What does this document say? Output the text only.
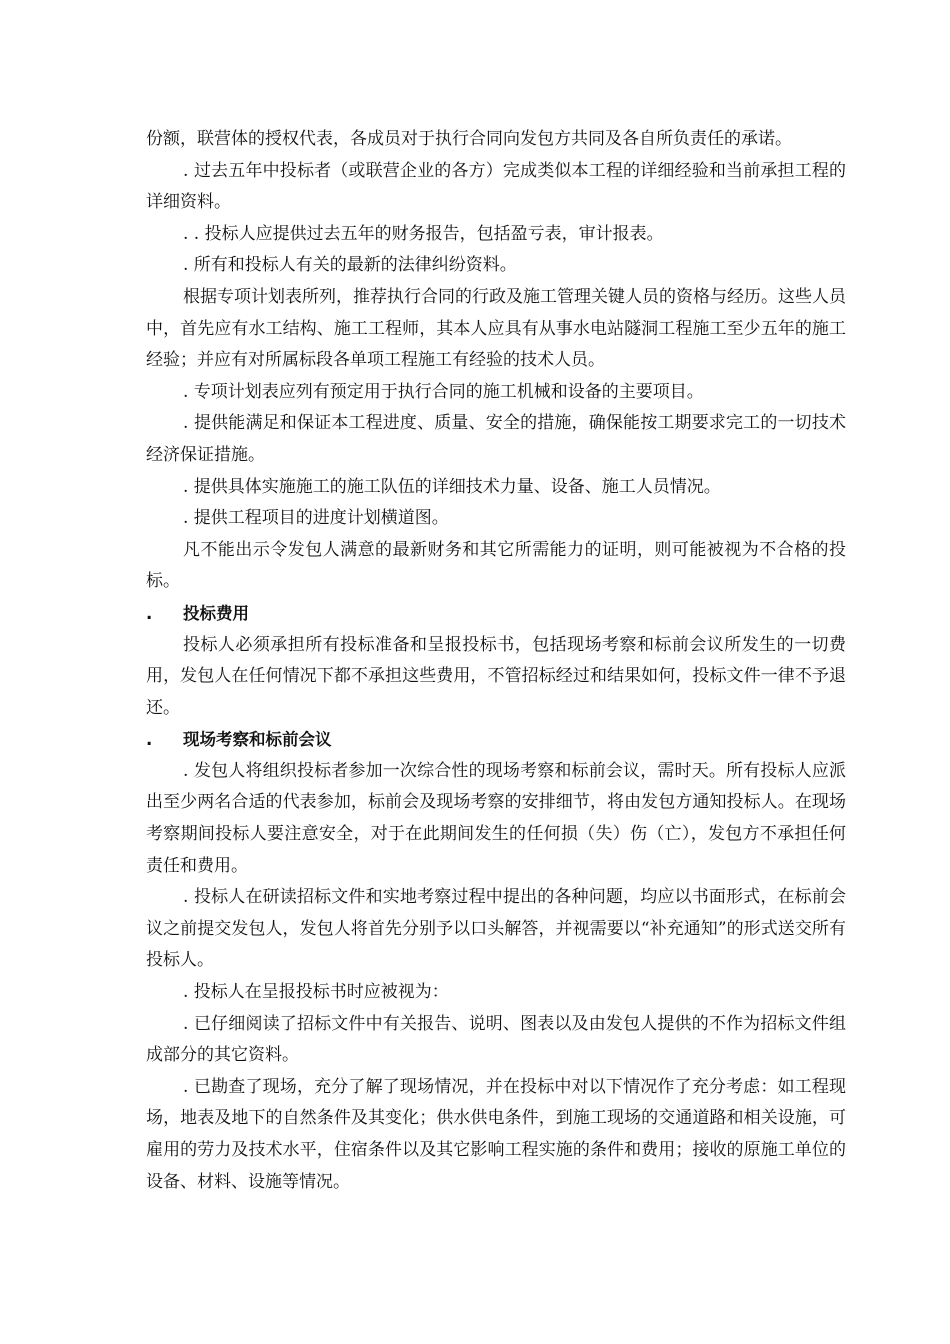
份额，联营体的授权代表，各成员对于执行合同向发包方共同及各自所负责任的承诺。

. 过去五年中投标者（或联营企业的各方）完成类似本工程的详细经验和当前承担工程的详细资料。

. . 投标人应提供过去五年的财务报告，包括盈亏表，审计报表。

. 所有和投标人有关的最新的法律纠纷资料。

根据专项计划表所列，推荐执行合同的行政及施工管理关键人员的资格与经历。这些人员中，首先应有水工结构、施工工程师，其本人应具有从事水电站隧洞工程施工至少五年的施工经验；并应有对所属标段各单项工程施工有经验的技术人员。

. 专项计划表应列有预定用于执行合同的施工机械和设备的主要项目。

. 提供能满足和保证本工程进度、质量、安全的措施，确保能按工期要求完工的一切技术经济保证措施。

. 提供具体实施施工的施工队伍的详细技术力量、设备、施工人员情况。

. 提供工程项目的进度计划横道图。

凡不能出示令发包人满意的最新财务和其它所需能力的证明，则可能被视为不合格的投标。

. 投标费用

投标人必须承担所有投标准备和呈报投标书，包括现场考察和标前会议所发生的一切费用，发包人在任何情况下都不承担这些费用，不管招标经过和结果如何，投标文件一律不予退还。

. 现场考察和标前会议

. 发包人将组织投标者参加一次综合性的现场考察和标前会议，需时天。所有投标人应派出至少两名合适的代表参加，标前会及现场考察的安排细节，将由发包方通知投标人。在现场考察期间投标人要注意安全，对于在此期间发生的任何损（失）伤（亡），发包方不承担任何责任和费用。

. 投标人在研读招标文件和实地考察过程中提出的各种问题，均应以书面形式，在标前会议之前提交发包人，发包人将首先分别予以口头解答，并视需要以“补充通知”的形式送交所有投标人。

. 投标人在呈报投标书时应被视为：

. 已仔细阅读了招标文件中有关报告、说明、图表以及由发包人提供的不作为招标文件组成部分的其它资料。

. 已勘查了现场，充分了解了现场情况，并在投标中对以下情况作了充分考虑：如工程现场，地表及地下的自然条件及其变化；供水供电条件，到施工现场的交通道路和相关设施，可雇用的劳力及技术水平，住宿条件以及其它影响工程实施的条件和费用；接收的原施工单位的设备、材料、设施等情况。
